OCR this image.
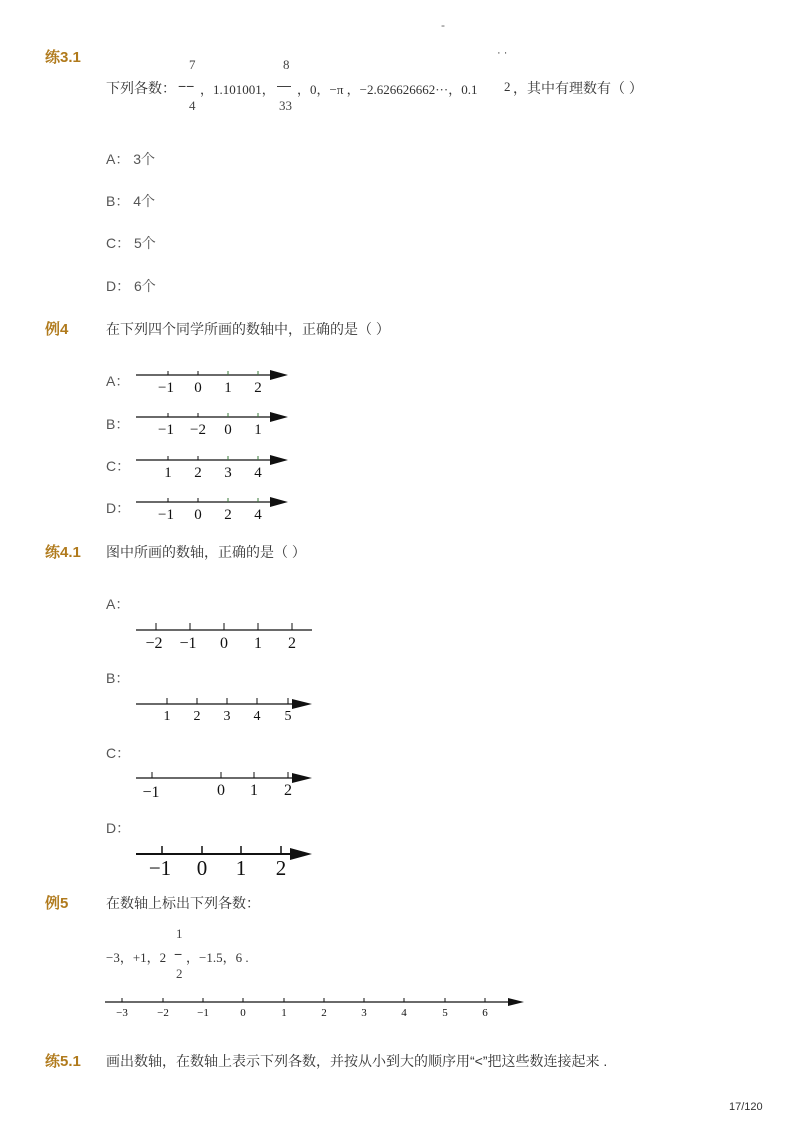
-
练3.1
下列各数：
7
−−
4
，1.101001，
8
—
33
，0，−π ，−2.626626662···，0.1 2
· ·
，其中有理数有（ ）
A： 3个
B： 4个
C： 5个
D： 6个
例4	在下列四个同学所画的数轴中，正确的是（ ）
A： −1 0 1 2
B： −1 −2 0 1
C： 1 2 3 4
D： −1 0 2 4
练4.1 图中所画的数轴，正确的是（ ）
A：
−2 −1 0 1 2
B：
1 2 3 4 5
C：
−1	0 1 2
D：
−1 0 1 2
例5	在数轴上标出下列各数：
−3，+1，2
1
−
2
，−1.5，6 .
−3	−2	−1	0	1	2	3	4	5	6
练5.1 画出数轴，在数轴上表示下列各数，并按从小到大的顺序用“<”把这些数连接起来 .
17/120
